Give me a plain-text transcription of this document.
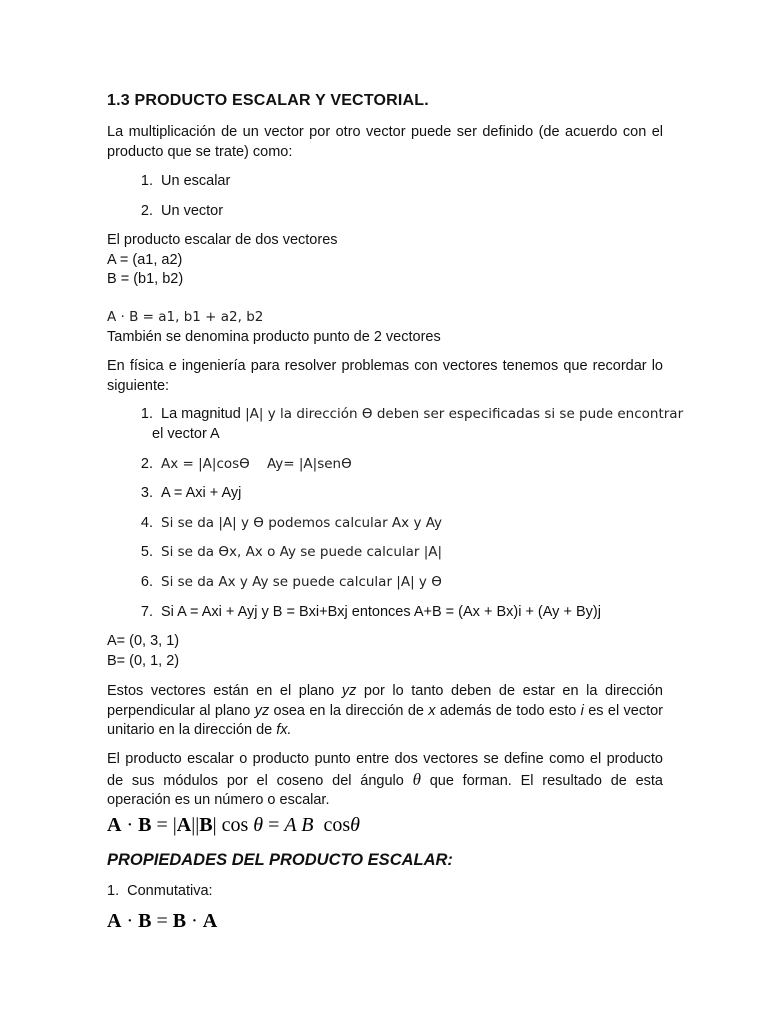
1.3 PRODUCTO ESCALAR Y VECTORIAL.
La multiplicación de un vector por otro vector puede ser definido (de acuerdo con el producto que se trate) como:
1. Un escalar
2. Un vector
El producto escalar de dos vectores
A = (a1, a2)
B = (b1, b2)
A · B = a1, b1 + a2, b2
También se denomina producto punto de 2 vectores
En física e ingeniería para resolver problemas con vectores tenemos que recordar lo siguiente:
1. La magnitud |A| y la dirección ϴ deben ser especificadas si se pude encontrar
el vector A
2. Ax = |A|cosϴ    Ay= |A|senϴ
3. A = Axi + Ayj
4. Si se da |A| y ϴ podemos calcular Ax y Ay
5. Si se da ϴx, Ax o Ay se puede calcular |A|
6. Si se da Ax y Ay se puede calcular |A| y ϴ
7. Si A = Axi + Ayj y B = Bxi+Bxj entonces A+B = (Ax + Bx)i + (Ay + By)j
A= (0, 3, 1)
B= (0, 1, 2)
Estos vectores están en el plano yz por lo tanto deben de estar en la dirección perpendicular al plano yz osea en la dirección de x además de todo esto i es el vector unitario en la dirección de fx.
El producto escalar o producto punto entre dos vectores se define como el producto de sus módulos por el coseno del ángulo θ que forman. El resultado de esta operación es un número o escalar.
A · B = |A||B| cos θ = A B  cosθ
PROPIEDADES DEL PRODUCTO ESCALAR:
1.  Conmutativa:
A · B = B · A
